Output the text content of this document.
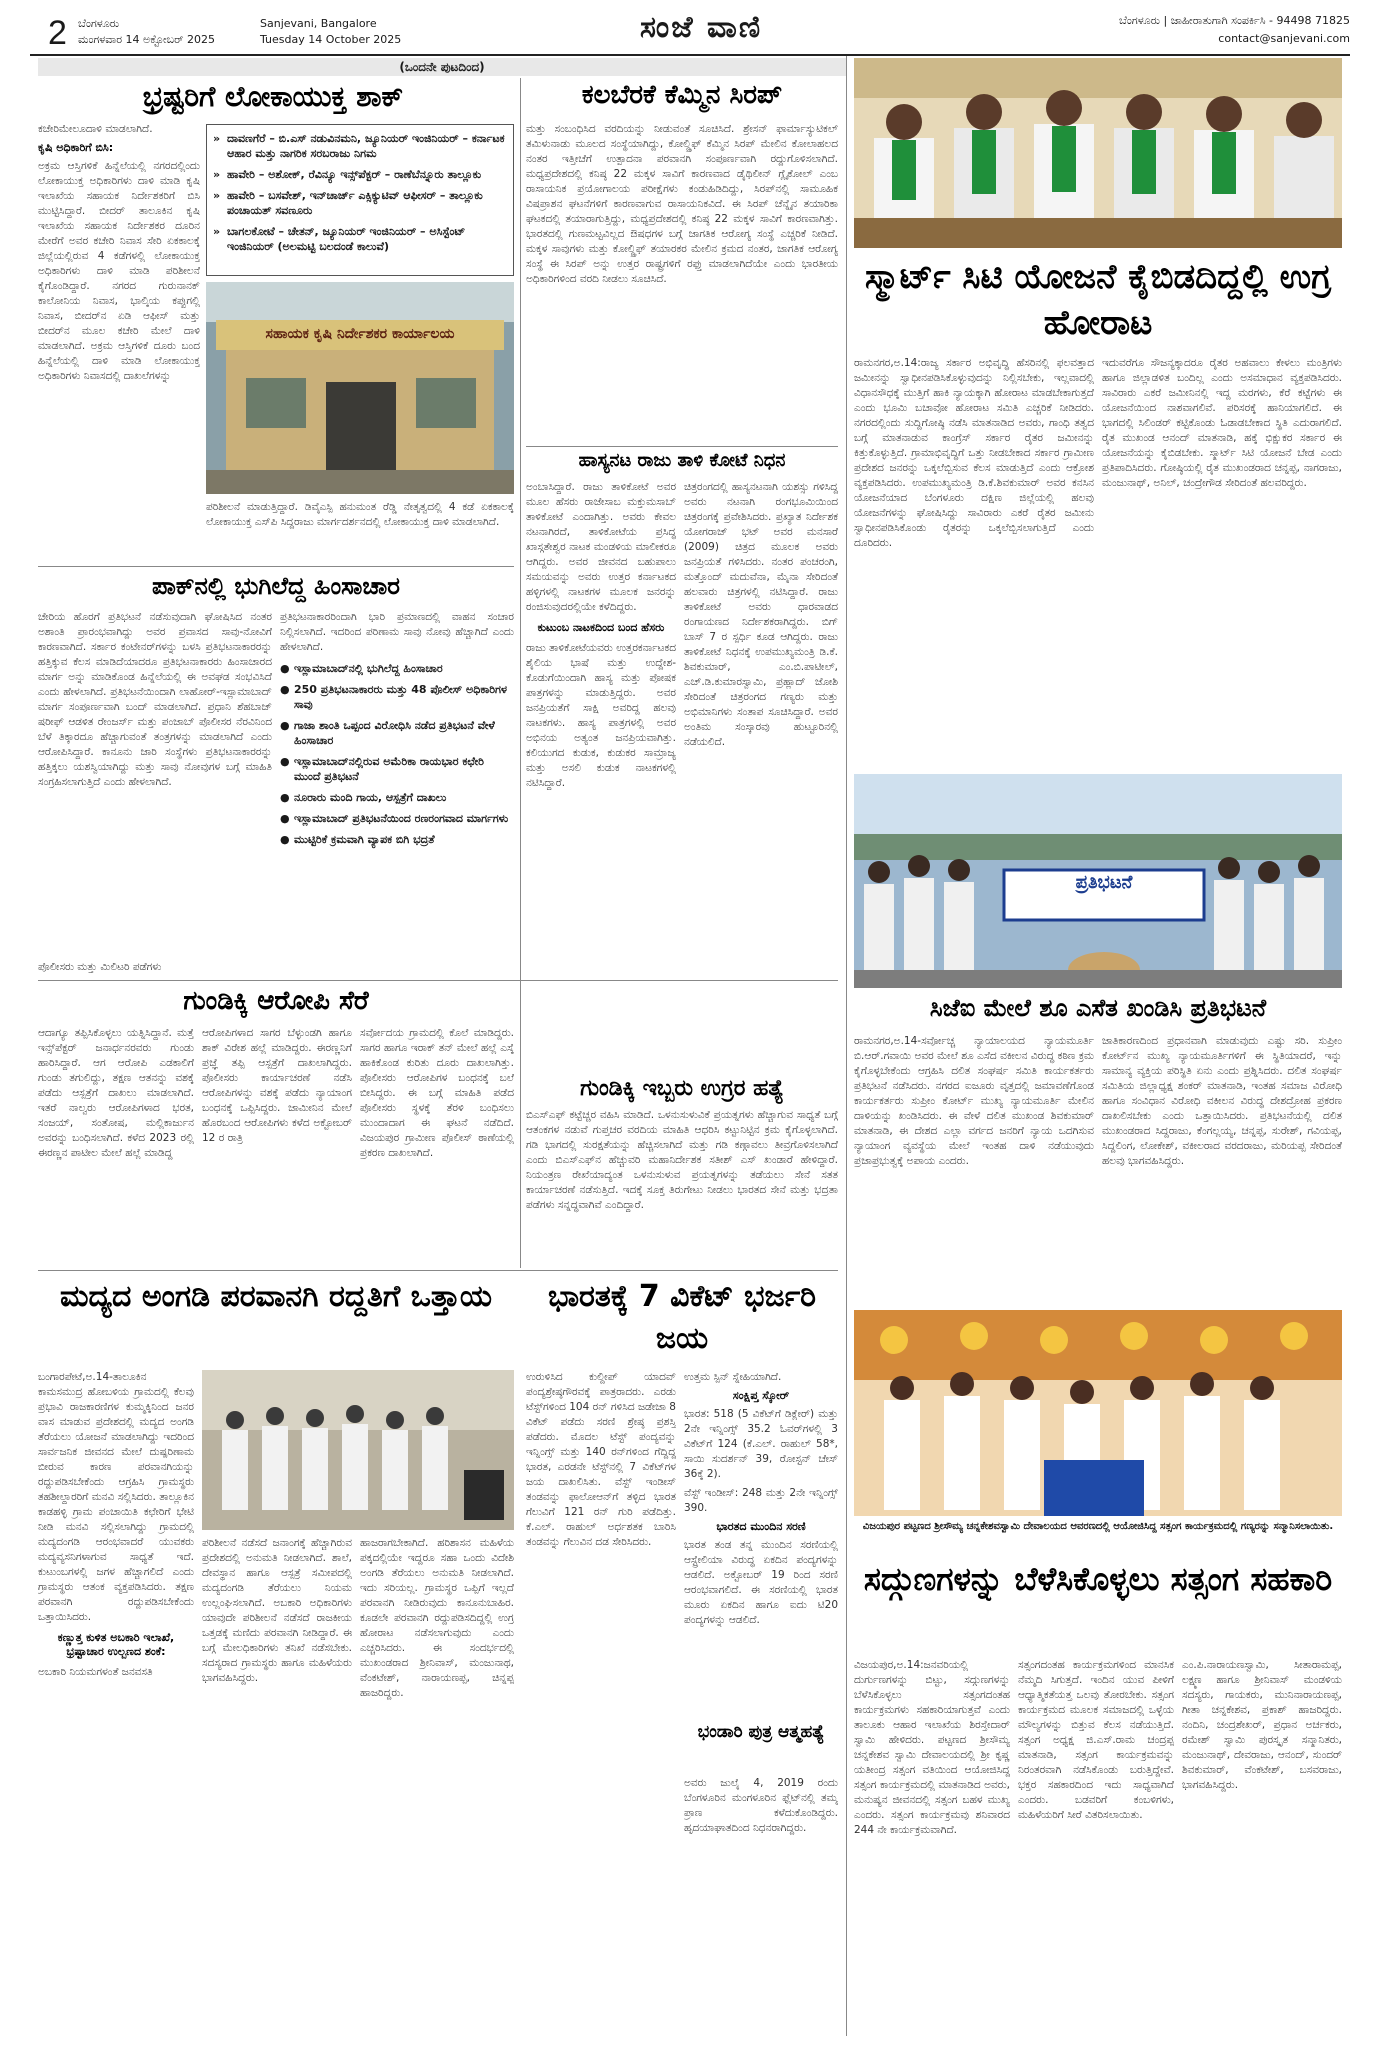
2 ಬೆಂಗಳೂರು
ಮಂಗಳವಾರ 14 ಅಕ್ಟೋಬರ್ 2025
Sanjevani, Bangalore
Tuesday 14 October 2025	ಸಂಜೆ ವಾಣಿ	ಬೆಂಗಳೂರು | ಜಾಹೀರಾತುಗಾಗಿ ಸಂಪರ್ಕಿಸಿ - 94498 71825
contact@sanjevani.com
(ಒಂದನೇ ಪುಟದಿಂದ)
ಭ್ರಷ್ಟರಿಗೆ ಲೋಕಾಯುಕ್ತ ಶಾಕ್
ಕಚೇರಿಮೇಲೂದಾಳಿ ಮಾಡಲಾಗಿದೆ.
ಕೃಷಿ ಅಧಿಕಾರಿಗೆ ಬಿಸಿ:
ಅಕ್ರಮ ಆಸ್ತಿಗಳಿಕೆ ಹಿನ್ನೆಲೆಯಲ್ಲಿ ನಗರದಲ್ಲಿಂದು ಲೋಕಾಯುಕ್ತ ಅಧಿಕಾರಿಗಳು ದಾಳಿ ಮಾಡಿ ಕೃಷಿ ಇಲಾಖೆಯ ಸಹಾಯಕ ನಿರ್ದೇಶಕರಿಗೆ ಬಿಸಿ ಮುಟ್ಟಿಸಿದ್ದಾರೆ. ಬೀದರ್ ತಾಲೂಕಿನ ಕೃಷಿ ಇಲಾಖೆಯ ಸಹಾಯಕ ನಿರ್ದೇಶಕರ ದೂರಿನ ಮೇರೆಗೆ ಅವರ ಕಚೇರಿ ನಿವಾಸ ಸೇರಿ ಏಕಕಾಲಕ್ಕೆ ಜಿಲ್ಲೆಯಲ್ಲಿರುವ 4 ಕಡೆಗಳಲ್ಲಿ ಲೋಕಾಯುಕ್ತ ಅಧಿಕಾರಿಗಳು ದಾಳಿ ಮಾಡಿ ಪರಿಶೀಲನೆ ಕೈಗೊಂಡಿದ್ದಾರೆ. ನಗರದ ಗುರುನಾನಕ್ ಕಾಲೋನಿಯ ನಿವಾಸ, ಭಾಲ್ಕಿಯ ಕಪ್ಪುಗಲ್ಲಿ ನಿವಾಸ, ಬೀದರ್‌ನ ಏಡಿ ಆಫೀಸ್ ಮತ್ತು ಬೀದರ್‌ನ ಮೂಲ ಕಚೇರಿ ಮೇಲೆ ದಾಳಿ ಮಾಡಲಾಗಿದೆ. ಅಕ್ರಮ ಆಸ್ತಿಗಳಿಕೆ ದೂರು ಬಂದ ಹಿನ್ನೆಲೆಯಲ್ಲಿ ದಾಳಿ ಮಾಡಿ ಲೋಕಾಯುಕ್ತ ಅಧಿಕಾರಿಗಳು ನಿವಾಸದಲ್ಲಿ ದಾಖಲೆಗಳನ್ನು
» ದಾವಣಗೆರೆ – ಬಿ.ಎಸ್ ನಡುವಿನಮನಿ, ಜ್ಯೂನಿಯರ್ ಇಂಜಿನಿಯರ್ – ಕರ್ನಾಟಕ ಆಹಾರ ಮತ್ತು ನಾಗರಿಕ ಸರಬರಾಜು ನಿಗಮ
» ಹಾವೇರಿ – ಅಶೋಕ್, ರೆವಿನ್ಯೂ ಇನ್ಸ್‌ಪೆಕ್ಟರ್ – ರಾಣೆಬೆನ್ನೂರು ತಾಲ್ಲೂಕು
» ಹಾವೇರಿ – ಬಸವೇಶ್, ಇನ್‌ಚಾರ್ಜ್ ಎಕ್ಸಿಕ್ಯುಟಿವ್ ಆಫೀಸರ್ – ತಾಲ್ಲೂಕು ಪಂಚಾಯತ್ ಸವಣೂರು
» ಬಾಗಲಕೋಟೆ – ಚೇತನ್, ಜ್ಯೂನಿಯರ್ ಇಂಜಿನಿಯರ್ – ಅಸಿಸ್ಟೆಂಟ್ ಇಂಜಿನಿಯರ್ (ಅಲಮಟ್ಟಿ ಬಲದಂಡೆ ಕಾಲುವೆ)
ಸಹಾಯಕ ಕೃಷಿ ನಿರ್ದೇಶಕರ ಕಾರ್ಯಾಲಯ
ಪರಿಶೀಲನೆ ಮಾಡುತ್ತಿದ್ದಾರೆ. ಡಿವೈಎಸ್ಪಿ ಹನುಮಂತ ರೆಡ್ಡಿ ನೇತೃತ್ವದಲ್ಲಿ 4 ಕಡೆ ಏಕಕಾಲಕ್ಕೆ ಲೋಕಾಯುಕ್ತ ಎಸ್‌ಪಿ ಸಿದ್ದರಾಜು ಮಾರ್ಗದರ್ಶನದಲ್ಲಿ ಲೋಕಾಯುಕ್ತ ದಾಳಿ ಮಾಡಲಾಗಿದೆ.
ಪಾಕ್‌ನಲ್ಲಿ ಭುಗಿಲೆದ್ದ ಹಿಂಸಾಚಾರ
ಚೇರಿಯ ಹೊರಗೆ ಪ್ರತಿಭಟನೆ ನಡೆಸುವುದಾಗಿ ಘೋಷಿಸಿದ ನಂತರ ಅಶಾಂತಿ ಪ್ರಾರಂಭವಾಗಿದ್ದು ಅವರ ಪ್ರವಾಸದ ಸಾವು-ನೋವಿಗೆ ಕಾರಣವಾಗಿದೆ. ಸರ್ಕಾರ ಕಂಟೇನರ್‌ಗಳನ್ನು ಬಳಸಿ ಪ್ರತಿಭಟನಾಕಾರರನ್ನು ಹತ್ತಿಕ್ಕುವ ಕೆಲಸ ಮಾಡಿದೆಯಾದರೂ ಪ್ರತಿಭಟನಾಕಾರರು ಹಿಂಸಾಚಾರದ ಮಾರ್ಗ ಅನ್ನು ಮಾಡಿಕೊಂಡ ಹಿನ್ನೆಲೆಯಲ್ಲಿ ಈ ಅವಘಡ ಸಂಭವಿಸಿದೆ ಎಂದು ಹೇಳಲಾಗಿದೆ. ಪ್ರತಿಭಟನೆಯಿಂದಾಗಿ ಲಾಹೋರ್-ಇಸ್ಲಾಮಾಬಾದ್ ಮಾರ್ಗ ಸಂಪೂರ್ಣವಾಗಿ ಬಂದ್ ಮಾಡಲಾಗಿದೆ. ಪ್ರಧಾನಿ ಶೆಹಬಾಜ್ ಷರೀಫ್ ಆಡಳಿತ ರೇಂಜರ್ಸ್ ಮತ್ತು ಪಂಜಾಬ್ ಪೊಲೀಸರ ನೆರವಿನಿಂದ ಬೆಳೆ ತಿಕ್ಕಾರದೂ ಹೆಚ್ಚಾಗುವಂತೆ ತಂತ್ರಗಳನ್ನು ಮಾಡಲಾಗಿದೆ ಎಂದು ಆರೋಪಿಸಿದ್ದಾರೆ. ಕಾನೂನು ಜಾರಿ ಸಂಸ್ಥೆಗಳು ಪ್ರತಿಭಟನಾಕಾರರನ್ನು ಹತ್ತಿಕ್ಕಲು ಯಶಸ್ವಿಯಾಗಿದ್ದು ಮತ್ತು ಸಾವು ನೋವುಗಳ ಬಗ್ಗೆ ಮಾಹಿತಿ ಸಂಗ್ರಹಿಸಲಾಗುತ್ತಿದೆ ಎಂದು ಹೇಳಲಾಗಿದೆ.
ಪ್ರತಿಭಟನಾಕಾರರಿಂದಾಗಿ ಭಾರಿ ಪ್ರಮಾಣದಲ್ಲಿ ವಾಹನ ಸಂಚಾರ ನಿಲ್ಲಿಸಲಾಗಿದೆ. ಇದರಿಂದ ಪರಿಣಾಮ ಸಾವು ನೋವು ಹೆಚ್ಚಾಗಿದೆ ಎಂದು ಹೇಳಲಾಗಿದೆ.
● ಇಸ್ಲಾಮಾಬಾದ್‌ನಲ್ಲಿ ಭುಗಿಲೆದ್ದ ಹಿಂಸಾಚಾರ
● 250 ಪ್ರತಿಭಟನಾಕಾರರು ಮತ್ತು 48 ಪೊಲೀಸ್ ಅಧಿಕಾರಿಗಳ ಸಾವು
● ಗಾಜಾ ಶಾಂತಿ ಒಪ್ಪಂದ ವಿರೋಧಿಸಿ ನಡೆದ ಪ್ರತಿಭಟನೆ ವೇಳೆ ಹಿಂಸಾಚಾರ
● ಇಸ್ಲಾಮಾಬಾದ್‌ನಲ್ಲಿರುವ ಅಮೆರಿಕಾ ರಾಯಭಾರ ಕಛೇರಿ ಮುಂದೆ ಪ್ರತಿಭಟನೆ
● ನೂರಾರು ಮಂದಿ ಗಾಯ, ಆಸ್ಪತ್ರೆಗೆ ದಾಖಲು
● ಇಸ್ಲಾಮಾಬಾದ್ ಪ್ರತಿಭಟನೆಯಿಂದ ರಣರಂಗವಾದ ಮಾರ್ಗಗಳು
● ಮುಟ್ಟಿರಿಕೆ ಕ್ರಮವಾಗಿ ವ್ಯಾಪಕ ಬಿಗಿ ಭದ್ರತೆ
ಪೊಲೀಸರು ಮತ್ತು ಮಿಲಿಟರಿ ಪಡೆಗಳು
ಗುಂಡಿಕ್ಕಿ ಆರೋಪಿ ಸೆರೆ
ಆದಾಗ್ಯೂ ತಪ್ಪಿಸಿಕೊಳ್ಳಲು ಯತ್ನಿಸಿದ್ದಾನೆ. ಮತ್ತೆ ಇನ್ಸ್‌ಪೆಕ್ಟರ್ ಜನಾರ್ಧನರವರು ಗುಂಡು ಹಾರಿಸಿದ್ದಾರೆ. ಆಗ ಆರೋಪಿ ಎಡಕಾಲಿಗೆ ಗುಂಡು ತಗುಲಿದ್ದು, ತಕ್ಷಣ ಆತನನ್ನು ವಶಕ್ಕೆ ಪಡೆದು ಆಸ್ಪತ್ರೆಗೆ ದಾಖಲು ಮಾಡಲಾಗಿದೆ. ಇತರೆ ನಾಲ್ವರು ಆರೋಪಿಗಳಾದ ಭರತ, ಸಂಜಯ್, ಸಂತೋಷ, ಮಲ್ಲಿಕಾರ್ಜುನ ಅವರನ್ನು ಬಂಧಿಸಲಾಗಿದೆ. ಕಳೆದ 2023 ರಲ್ಲಿ ಈರಣ್ಣನ ಪಾಟೀಲ ಮೇಲೆ ಹಲ್ಲೆ ಮಾಡಿದ್ದ
ಆರೋಪಿಗಳಾದ ಸಾಗರ ಬೆಳ್ಳುಂಡಗಿ ಹಾಗೂ ಶಾಕ್ ವಿರೇಶ ಹಲ್ಲೆ ಮಾಡಿದ್ದರು. ಈರಣ್ಣನಿಗೆ ಪ್ರಜ್ಞೆ ತಪ್ಪಿ ಆಸ್ಪತ್ರೆಗೆ ದಾಖಲಾಗಿದ್ದರು. ಪೊಲೀಸರು ಕಾರ್ಯಾಚರಣೆ ನಡೆಸಿ ಆರೋಪಿಗಳನ್ನು ವಶಕ್ಕೆ ಪಡೆದು ನ್ಯಾಯಾಂಗ ಬಂಧನಕ್ಕೆ ಒಪ್ಪಿಸಿದ್ದರು. ಜಾಮೀನಿನ ಮೇಲೆ ಹೊರಬಂದ ಆರೋಪಿಗಳು ಕಳೆದ ಅಕ್ಟೋಬರ್ 12 ರ ರಾತ್ರಿ
ಸರ್ವೋದಯ ಗ್ರಾಮದಲ್ಲಿ ಕೊಲೆ ಮಾಡಿದ್ದರು. ಸಾಗರ ಹಾಗೂ ಇರಾಕ್ ತನ್ ಮೇಲೆ ಹಲ್ಲೆ ಎಸ್ಕೆ ಹಾಕಿಕೊಂಡ ಕುರಿತು ದೂರು ದಾಖಲಾಗಿತ್ತು. ಪೊಲೀಸರು ಆರೋಪಿಗಳ ಬಂಧನಕ್ಕೆ ಬಲೆ ಬೀಸಿದ್ದರು. ಈ ಬಗ್ಗೆ ಮಾಹಿತಿ ಪಡೆದ ಪೊಲೀಸರು ಸ್ಥಳಕ್ಕೆ ತೆರಳಿ ಬಂಧಿಸಲು ಮುಂದಾದಾಗ ಈ ಘಟನೆ ನಡೆದಿದೆ. ವಿಜಯಪುರ ಗ್ರಾಮೀಣ ಪೊಲೀಸ್ ಠಾಣೆಯಲ್ಲಿ ಪ್ರಕರಣ ದಾಖಲಾಗಿದೆ.
ಮದ್ಯದ ಅಂಗಡಿ ಪರವಾನಗಿ ರದ್ದತಿಗೆ ಒತ್ತಾಯ
ಬಂಗಾರಪೇಟೆ,ಅ.14-ತಾಲೂಕಿನ ಕಾಮಸಮುದ್ರ ಹೋಬಳಿಯ ಗ್ರಾಮದಲ್ಲಿ ಕೆಲವು ಪ್ರಭಾವಿ ರಾಜಕಾರಣಿಗಳ ಕುಮ್ಮಕ್ಕಿನಿಂದ ಜನರ ವಾಸ ಮಾಡುವ ಪ್ರದೇಶದಲ್ಲಿ ಮದ್ಯದ ಅಂಗಡಿ ತೆರೆಯಲು ಯೋಜನೆ ಮಾಡಲಾಗಿದ್ದು ಇದರಿಂದ ಸಾರ್ವಜನಿಕ ಜೀವನದ ಮೇಲೆ ದುಷ್ಪರಿಣಾಮ ಬೀರುವ ಕಾರಣ ಪರವಾನಗಿಯನ್ನು ರದ್ದುಪಡಿಸಬೇಕೆಂದು ಆಗ್ರಹಿಸಿ ಗ್ರಾಮಸ್ಥರು ತಹಶೀಲ್ದಾರರಿಗೆ ಮನವಿ ಸಲ್ಲಿಸಿದರು. ತಾಲ್ಲೂಕಿನ ಕಾಡಹಳ್ಳಿ ಗ್ರಾಮ ಪಂಚಾಯಿತಿ ಕಛೇರಿಗೆ ಭೇಟಿ ನೀಡಿ ಮನವಿ ಸಲ್ಲಿಸಲಾಗಿದ್ದು ಗ್ರಾಮದಲ್ಲಿ ಮದ್ಯದಂಗಡಿ ಆರಂಭವಾದರೆ ಯುವಕರು ಮದ್ಯವ್ಯಸನಿಗಳಾಗುವ ಸಾಧ್ಯತೆ ಇದೆ. ಕುಟುಂಬಗಳಲ್ಲಿ ಜಗಳ ಹೆಚ್ಚಾಗಲಿದೆ ಎಂದು ಗ್ರಾಮಸ್ಥರು ಆತಂಕ ವ್ಯಕ್ತಪಡಿಸಿದರು. ತಕ್ಷಣ ಪರವಾನಗಿ ರದ್ದುಪಡಿಸಬೇಕೆಂದು ಒತ್ತಾಯಿಸಿದರು.
ಕಣ್ಣುತ್ತ ಕುಳಿತ ಅಬಕಾರಿ ಇಲಾಖೆ, ಭ್ರಷ್ಟಾಚಾರ ಉಲ್ಬಣದ ಶಂಕೆ:
ಅಬಕಾರಿ ನಿಯಮಗಳಂತೆ ಜನವಸತಿ
ಪರಿಶೀಲನೆ ನಡೆಸದೆ ಜನಾಂಗಕ್ಕೆ ಹೆಚ್ಚಾಗಿರುವ ಪ್ರದೇಶದಲ್ಲಿ ಅನುಮತಿ ನೀಡಲಾಗಿದೆ. ಶಾಲೆ, ದೇವಸ್ಥಾನ ಹಾಗೂ ಆಸ್ಪತ್ರೆ ಸಮೀಪದಲ್ಲಿ ಮದ್ಯದಂಗಡಿ ತೆರೆಯಲು ನಿಯಮ ಉಲ್ಲಂಘಿಸಲಾಗಿದೆ. ಅಬಕಾರಿ ಅಧಿಕಾರಿಗಳು ಯಾವುದೇ ಪರಿಶೀಲನೆ ನಡೆಸದೆ ರಾಜಕೀಯ ಒತ್ತಡಕ್ಕೆ ಮಣಿದು ಪರವಾನಗಿ ನೀಡಿದ್ದಾರೆ. ಈ ಬಗ್ಗೆ ಮೇಲಧಿಕಾರಿಗಳು ತನಿಖೆ ನಡೆಸಬೇಕು. ಸದಸ್ಯರಾದ ಗ್ರಾಮಸ್ಥರು ಹಾಗೂ ಮಹಿಳೆಯರು ಭಾಗವಹಿಸಿದ್ದರು.
ಹಾಜರಾಗಬೇಕಾಗಿದೆ. ಹರಿಶಾಸನ ಮಹಿಳೆಯ ಪಕ್ಕದಲ್ಲಿಯೇ ಇದ್ದರೂ ಸಹಾ ಒಂದು ವಿದೇಶಿ ಅಂಗಡಿ ತೆರೆಯಲು ಅನುಮತಿ ನೀಡಲಾಗಿದೆ. ಇದು ಸರಿಯಲ್ಲ. ಗ್ರಾಮಸ್ಥರ ಒಪ್ಪಿಗೆ ಇಲ್ಲದೆ ಪರವಾನಗಿ ನೀಡಿರುವುದು ಕಾನೂನುಬಾಹಿರ. ಕೂಡಲೇ ಪರವಾನಗಿ ರದ್ದುಪಡಿಸದಿದ್ದಲ್ಲಿ ಉಗ್ರ ಹೋರಾಟ ನಡೆಸಲಾಗುವುದು ಎಂದು ಎಚ್ಚರಿಸಿದರು. ಈ ಸಂದರ್ಭದಲ್ಲಿ ಮುಖಂಡರಾದ ಶ್ರೀನಿವಾಸ್, ಮಂಜುನಾಥ, ವೆಂಕಟೇಶ್, ನಾರಾಯಣಪ್ಪ, ಚಿನ್ನಪ್ಪ ಹಾಜರಿದ್ದರು.
ಕಲಬೆರಕೆ ಕೆಮ್ಮಿನ ಸಿರಪ್
ಮತ್ತು ಸಂಬಂಧಿಸಿದ ವರದಿಯನ್ನು ನೀಡುವಂತೆ ಸೂಚಿಸಿದೆ. ಶ್ರೇಸನ್ ಫಾರ್ಮಾಸ್ಯುಟಿಕಲ್ ತಮಿಳುನಾಡು ಮೂಲದ ಸಂಸ್ಥೆಯಾಗಿದ್ದು, ಕೋಲ್ಡ್ರಿಫ್ ಕೆಮ್ಮಿನ ಸಿರಪ್ ಮೇಲಿನ ಕೋಲಾಹಲದ ನಂತರ ಇತ್ತೀಚೆಗೆ ಉತ್ಪಾದನಾ ಪರವಾನಗಿ ಸಂಪೂರ್ಣವಾಗಿ ರದ್ದುಗೊಳಿಸಲಾಗಿದೆ. ಮಧ್ಯಪ್ರದೇಶದಲ್ಲಿ ಕನಿಷ್ಠ 22 ಮಕ್ಕಳ ಸಾವಿಗೆ ಕಾರಣವಾದ ಡೈಥಿಲೀನ್ ಗ್ಲೈಕೋಲ್ ಎಂಬ ರಾಸಾಯನಿಕ ಪ್ರಯೋಗಾಲಯ ಪರೀಕ್ಷೆಗಳು ಕಂಡುಹಿಡಿದಿದ್ದು, ಸಿರಪ್‌ನಲ್ಲಿ ಸಾಮೂಹಿಕ ವಿಷಪ್ರಾಶನ ಘಟನೆಗಳಿಗೆ ಕಾರಣವಾಗುವ ರಾಸಾಯನಿಕವಿದೆ. ಈ ಸಿರಪ್ ಚೆನ್ನೈನ ತಯಾರಿಕಾ ಘಟಕದಲ್ಲಿ ತಯಾರಾಗುತ್ತಿದ್ದು, ಮಧ್ಯಪ್ರದೇಶದಲ್ಲಿ ಕನಿಷ್ಠ 22 ಮಕ್ಕಳ ಸಾವಿಗೆ ಕಾರಣವಾಗಿತ್ತು. ಭಾರತದಲ್ಲಿ ಗುಣಮಟ್ಟವಿಲ್ಲದ ಔಷಧಗಳ ಬಗ್ಗೆ ಜಾಗತಿಕ ಆರೋಗ್ಯ ಸಂಸ್ಥೆ ಎಚ್ಚರಿಕೆ ನೀಡಿದೆ. ಮಕ್ಕಳ ಸಾವುಗಳು ಮತ್ತು ಕೋಲ್ಡ್ರಿಫ್ ತಯಾರಕರ ಮೇಲಿನ ಕ್ರಮದ ನಂತರ, ಜಾಗತಿಕ ಆರೋಗ್ಯ ಸಂಸ್ಥೆ ಈ ಸಿರಪ್ ಅನ್ನು ಉತ್ತರ ರಾಷ್ಟ್ರಗಳಿಗೆ ರಫ್ತು ಮಾಡಲಾಗಿದೆಯೇ ಎಂದು ಭಾರತೀಯ ಅಧಿಕಾರಿಗಳಿಂದ ವರದಿ ನೀಡಲು ಸೂಚಿಸಿದೆ.
ಹಾಸ್ಯನಟ ರಾಜು ತಾಳಿ ಕೋಟೆ ನಿಧನ
ಅಂಬಾಸಿದ್ದಾರೆ. ರಾಜು ತಾಳಿಕೋಟೆ ಅವರ ಮೂಲ ಹೆಸರು ರಾಜೇಸಾಬ ಮಕ್ತುಮಸಾಬ್ ತಾಳಿಕೋಟೆ ಎಂದಾಗಿತ್ತು. ಅವರು ಕೇವಲ ನಟನಾಗಿರದೆ, ತಾಳಿಕೋಟೆಯ ಪ್ರಸಿದ್ಧ ಖಾಸ್ಗತೇಶ್ವರ ನಾಟಕ ಮಂಡಳಿಯ ಮಾಲೀಕರೂ ಆಗಿದ್ದರು. ಅವರ ಜೀವನದ ಬಹುಪಾಲು ಸಮಯವನ್ನು ಅವರು ಉತ್ತರ ಕರ್ನಾಟಕದ ಹಳ್ಳಿಗಳಲ್ಲಿ ನಾಟಕಗಳ ಮೂಲಕ ಜನರನ್ನು ರಂಜಿಸುವುದರಲ್ಲಿಯೇ ಕಳೆದಿದ್ದರು.
ಕುಟುಂಬ ನಾಟಕದಿಂದ ಬಂದ ಹೆಸರು
ರಾಜು ತಾಳಿಕೋಟೆಯವರು ಉತ್ತರಕರ್ನಾಟಕದ ಶೈಲಿಯ ಭಾಷೆ ಮತ್ತು ಉದ್ದೇಶ-ಕೊಡುಗೆಯಿಂದಾಗಿ ಹಾಸ್ಯ ಮತ್ತು ಪೋಷಕ ಪಾತ್ರಗಳನ್ನು ಮಾಡುತ್ತಿದ್ದರು. ಅವರ ಜನಪ್ರಿಯತೆಗೆ ಸಾಕ್ಷಿ ಅವರಿದ್ದ ಹಲವು ನಾಟಕಗಳು. ಹಾಸ್ಯ ಪಾತ್ರಗಳಲ್ಲಿ ಅವರ ಅಭಿನಯ ಅತ್ಯಂತ ಜನಪ್ರಿಯವಾಗಿತ್ತು. ಕಲಿಯುಗದ ಕುಡುಕ, ಕುಡುಕರ ಸಾಮ್ರಾಜ್ಯ ಮತ್ತು ಅಸಲಿ ಕುಡುಕ ನಾಟಕಗಳಲ್ಲಿ ನಟಿಸಿದ್ದಾರೆ.
ಚಿತ್ರರಂಗದಲ್ಲಿ ಹಾಸ್ಯನಟನಾಗಿ ಯಶಸ್ಸು ಗಳಿಸಿದ್ದ ಅವರು ನಟನಾಗಿ ರಂಗಭೂಮಿಯಿಂದ ಚಿತ್ರರಂಗಕ್ಕೆ ಪ್ರವೇಶಿಸಿದರು. ಪ್ರಖ್ಯಾತ ನಿರ್ದೇಶಕ ಯೋಗರಾಜ್ ಭಟ್ ಅವರ ಮನಸಾರೆ (2009) ಚಿತ್ರದ ಮೂಲಕ ಅವರು ಜನಪ್ರಿಯತೆ ಗಳಿಸಿದರು. ನಂತರ ಪಂಚರಂಗಿ, ಮತ್ತೊಂದ್ ಮದುವೆನಾ, ಮೈನಾ ಸೇರಿದಂತೆ ಹಲವಾರು ಚಿತ್ರಗಳಲ್ಲಿ ನಟಿಸಿದ್ದಾರೆ. ರಾಜು ತಾಳಿಕೋಟೆ ಅವರು ಧಾರವಾಡದ ರಂಗಾಯಣದ ನಿರ್ದೇಶಕರಾಗಿದ್ದರು. ಬಿಗ್ ಬಾಸ್ 7 ರ ಸ್ಪರ್ಧಿ ಕೂಡ ಆಗಿದ್ದರು. ರಾಜು ತಾಳಿಕೋಟೆ ನಿಧನಕ್ಕೆ ಉಪಮುಖ್ಯಮಂತ್ರಿ ಡಿ.ಕೆ. ಶಿವಕುಮಾರ್, ಎಂ.ಬಿ.ಪಾಟೀಲ್, ಎಚ್.ಡಿ.ಕುಮಾರಸ್ವಾಮಿ, ಪ್ರಹ್ಲಾದ್ ಜೋಶಿ ಸೇರಿದಂತೆ ಚಿತ್ರರಂಗದ ಗಣ್ಯರು ಮತ್ತು ಅಭಿಮಾನಿಗಳು ಸಂತಾಪ ಸೂಚಿಸಿದ್ದಾರೆ. ಅವರ ಅಂತಿಮ ಸಂಸ್ಕಾರವು ಹುಟ್ಟೂರಿನಲ್ಲಿ ನಡೆಯಲಿದೆ.
ಗುಂಡಿಕ್ಕಿ ಇಬ್ಬರು ಉಗ್ರರ ಹತ್ಯೆ
ಬಿಎಸ್‌ಎಫ್ ಕಟ್ಟೆಚ್ಚರ ವಹಿಸಿ ಮಾಡಿದೆ. ಒಳನುಸುಳುವಿಕೆ ಪ್ರಯತ್ನಗಳು ಹೆಚ್ಚಾಗುವ ಸಾಧ್ಯತೆ ಬಗ್ಗೆ ಆತಂಕಗಳ ನಡುವೆ ಗುಪ್ತಚರ ವರದಿಯ ಮಾಹಿತಿ ಆಧರಿಸಿ ಕಟ್ಟುನಿಟ್ಟಿನ ಕ್ರಮ ಕೈಗೊಳ್ಳಲಾಗಿದೆ. ಗಡಿ ಭಾಗದಲ್ಲಿ ಸುರಕ್ಷತೆಯನ್ನು ಹೆಚ್ಚಿಸಲಾಗಿದೆ ಮತ್ತು ಗಡಿ ಕಣ್ಗಾವಲು ತೀವ್ರಗೊಳಿಸಲಾಗಿದೆ ಎಂದು ಬಿಎಸ್‌ಎಫ್‌ನ ಹೆಚ್ಚುವರಿ ಮಹಾನಿರ್ದೇಶಕ ಸತೀಶ್ ಎಸ್ ಖಂಡಾರೆ ಹೇಳಿದ್ದಾರೆ. ನಿಯಂತ್ರಣ ರೇಖೆಯಾದ್ಯಂತ ಒಳನುಸುಳುವ ಪ್ರಯತ್ನಗಳನ್ನು ತಡೆಯಲು ಸೇನೆ ಸತತ ಕಾರ್ಯಾಚರಣೆ ನಡೆಸುತ್ತಿದೆ. ಇದಕ್ಕೆ ಸೂಕ್ತ ತಿರುಗೇಟು ನೀಡಲು ಭಾರತದ ಸೇನೆ ಮತ್ತು ಭದ್ರತಾ ಪಡೆಗಳು ಸನ್ನದ್ಧವಾಗಿವೆ ಎಂದಿದ್ದಾರೆ.
ಭಾರತಕ್ಕೆ 7 ವಿಕೆಟ್ ಭರ್ಜರಿ ಜಯ
ಉರುಳಿಸಿದ ಕುಲ್ದೀಪ್ ಯಾದವ್ ಪಂದ್ಯಶ್ರೇಷ್ಠಗೌರವಕ್ಕೆ ಪಾತ್ರರಾದರು. ಎರಡು ಟೆಸ್ಟ್‌ಗಳಿಂದ 104 ರನ್ ಗಳಿಸಿದ ಜಡೇಜಾ 8 ವಿಕೆಟ್ ಪಡೆದು ಸರಣಿ ಶ್ರೇಷ್ಠ ಪ್ರಶಸ್ತಿ ಪಡೆದರು. ಮೊದಲ ಟೆಸ್ಟ್ ಪಂದ್ಯವನ್ನು ಇನ್ನಿಂಗ್ಸ್ ಮತ್ತು 140 ರನ್‌ಗಳಿಂದ ಗೆದ್ದಿದ್ದ ಭಾರತ, ಎರಡನೇ ಟೆಸ್ಟ್‌ನಲ್ಲಿ 7 ವಿಕೆಟ್‌ಗಳ ಜಯ ದಾಖಲಿಸಿತು. ವೆಸ್ಟ್ ಇಂಡೀಸ್ ತಂಡವನ್ನು ಫಾಲೋಆನ್‌ಗೆ ತಳ್ಳಿದ ಭಾರತ ಗೆಲುವಿಗೆ 121 ರನ್ ಗುರಿ ಪಡೆದಿತ್ತು. ಕೆ.ಎಲ್. ರಾಹುಲ್ ಅರ್ಧಶತಕ ಬಾರಿಸಿ ತಂಡವನ್ನು ಗೆಲುವಿನ ದಡ ಸೇರಿಸಿದರು.
ಉತ್ತಮ ಸ್ಪಿನ್ ಸ್ನೇಹಿಯಾಗಿದೆ.
ಸಂಕ್ಷಿಪ್ತ ಸ್ಕೋರ್
ಭಾರತ: 518 (5 ವಿಕೆಟ್‌ಗೆ ಡಿಕ್ಲೇರ್) ಮತ್ತು 2ನೇ ಇನ್ನಿಂಗ್ಸ್ 35.2 ಓವರ್‌ಗಳಲ್ಲಿ 3 ವಿಕೆಟ್‌ಗೆ 124 (ಕೆ.ಎಲ್. ರಾಹುಲ್ 58*, ಸಾಯಿ ಸುದರ್ಶನ್ 39, ರೋಸ್ಟನ್ ಚೇಸ್ 36ಕ್ಕೆ 2).
ವೆಸ್ಟ್ ಇಂಡೀಸ್: 248 ಮತ್ತು 2ನೇ ಇನ್ನಿಂಗ್ಸ್ 390.
ಭಾರತದ ಮುಂದಿನ ಸರಣಿ
ಭಾರತ ತಂಡ ತನ್ನ ಮುಂದಿನ ಸರಣಿಯಲ್ಲಿ ಆಸ್ಟ್ರೇಲಿಯಾ ವಿರುದ್ಧ ಏಕದಿನ ಪಂದ್ಯಗಳನ್ನು ಆಡಲಿದೆ. ಅಕ್ಟೋಬರ್ 19 ರಿಂದ ಸರಣಿ ಆರಂಭವಾಗಲಿದೆ. ಈ ಸರಣಿಯಲ್ಲಿ ಭಾರತ ಮೂರು ಏಕದಿನ ಹಾಗೂ ಐದು ಟಿ20 ಪಂದ್ಯಗಳನ್ನು ಆಡಲಿದೆ.
ಭಂಡಾರಿ ಪುತ್ರ ಆತ್ಮಹತ್ಯೆ
ಅವರು ಜುಲೈ 4, 2019 ರಂದು ಬೆಂಗಳೂರಿನ ಮಂಗಳೂರಿನ ಫ್ಲೆಟ್‌ನಲ್ಲಿ ತಮ್ಮ ಪ್ರಾಣ ಕಳೆದುಕೊಂಡಿದ್ದರು. ಹೃದಯಾಘಾತದಿಂದ ನಿಧನರಾಗಿದ್ದರು.
ಸ್ಮಾರ್ಟ್ ಸಿಟಿ ಯೋಜನೆ ಕೈಬಿಡದಿದ್ದಲ್ಲಿ ಉಗ್ರ ಹೋರಾಟ
ರಾಮನಗರ,ಅ.14:ರಾಜ್ಯ ಸರ್ಕಾರ ಅಭಿವೃದ್ಧಿ ಹೆಸರಿನಲ್ಲಿ ಫಲವತ್ತಾದ ಜಮೀನನ್ನು ಸ್ವಾಧೀನಪಡಿಸಿಕೊಳ್ಳುವುದನ್ನು ನಿಲ್ಲಿಸಬೇಕು, ಇಲ್ಲವಾದಲ್ಲಿ ವಿಧಾನಸೌಧಕ್ಕೆ ಮುತ್ತಿಗೆ ಹಾಕಿ ನ್ಯಾಯಕ್ಕಾಗಿ ಹೋರಾಟ ಮಾಡಬೇಕಾಗುತ್ತದೆ ಎಂದು ಭೂಮಿ ಬಚಾವೋ ಹೋರಾಟ ಸಮಿತಿ ಎಚ್ಚರಿಕೆ ನೀಡಿದರು. ನಗರದಲ್ಲಿಂದು ಸುದ್ದಿಗೋಷ್ಠಿ ನಡೆಸಿ ಮಾತನಾಡಿದ ಅವರು, ಗಾಂಧಿ ತತ್ವದ ಬಗ್ಗೆ ಮಾತನಾಡುವ ಕಾಂಗ್ರೆಸ್ ಸರ್ಕಾರ ರೈತರ ಜಮೀನನ್ನು ಕಿತ್ತುಕೊಳ್ಳುತ್ತಿದೆ. ಗ್ರಾಮಾಭಿವೃದ್ಧಿಗೆ ಒತ್ತು ನೀಡಬೇಕಾದ ಸರ್ಕಾರ ಗ್ರಾಮೀಣ ಪ್ರದೇಶದ ಜನರನ್ನು ಒಕ್ಕಲೆಬ್ಬಿಸುವ ಕೆಲಸ ಮಾಡುತ್ತಿದೆ ಎಂದು ಆಕ್ರೋಶ ವ್ಯಕ್ತಪಡಿಸಿದರು. ಉಪಮುಖ್ಯಮಂತ್ರಿ ಡಿ.ಕೆ.ಶಿವಕುಮಾರ್ ಅವರ ಕನಸಿನ ಯೋಜನೆಯಾದ ಬೆಂಗಳೂರು ದಕ್ಷಿಣ ಜಿಲ್ಲೆಯಲ್ಲಿ ಹಲವು ಯೋಜನೆಗಳನ್ನು ಘೋಷಿಸಿದ್ದು ಸಾವಿರಾರು ಎಕರೆ ರೈತರ ಜಮೀನು ಸ್ವಾಧೀನಪಡಿಸಿಕೊಂಡು ರೈತರನ್ನು ಒಕ್ಕಲೆಬ್ಬಿಸಲಾಗುತ್ತಿದೆ ಎಂದು ದೂರಿದರು.
ಇದುವರೆಗೂ ಸೌಜನ್ಯಕ್ಕಾದರೂ ರೈತರ ಅಹವಾಲು ಕೇಳಲು ಮಂತ್ರಿಗಳು ಹಾಗೂ ಜಿಲ್ಲಾಡಳಿತ ಬಂದಿಲ್ಲ ಎಂದು ಅಸಮಾಧಾನ ವ್ಯಕ್ತಪಡಿಸಿದರು. ಸಾವಿರಾರು ಎಕರೆ ಜಮೀನಿನಲ್ಲಿ ಇದ್ದ ಮರಗಳು, ಕೆರೆ ಕಟ್ಟೆಗಳು ಈ ಯೋಜನೆಯಿಂದ ನಾಶವಾಗಲಿವೆ. ಪರಿಸರಕ್ಕೆ ಹಾನಿಯಾಗಲಿದೆ. ಈ ಭಾಗದಲ್ಲಿ ಸಿಲಿಂಡರ್ ಕಟ್ಟಿಕೊಂಡು ಓಡಾಡಬೇಕಾದ ಸ್ಥಿತಿ ಎದುರಾಗಲಿದೆ. ರೈತ ಮುಖಂಡ ಆನಂದ್ ಮಾತನಾಡಿ, ಹಕ್ಕೆ ಭಿಕ್ಷುಕರ ಸರ್ಕಾರ ಈ ಯೋಜನೆಯನ್ನು ಕೈಬಿಡಬೇಕು. ಸ್ಮಾರ್ಟ್ ಸಿಟಿ ಯೋಜನೆ ಬೇಡ ಎಂದು ಪ್ರತಿಪಾದಿಸಿದರು. ಗೋಷ್ಠಿಯಲ್ಲಿ ರೈತ ಮುಖಂಡರಾದ ಚನ್ನಪ್ಪ, ನಾಗರಾಜು, ಮಂಜುನಾಥ್, ಅನಿಲ್, ಚಂದ್ರೇಗೌಡ ಸೇರಿದಂತೆ ಹಲವರಿದ್ದರು.
ಪ್ರತಿಭಟನೆ
ಸಿಜೆಐ ಮೇಲೆ ಶೂ ಎಸೆತ ಖಂಡಿಸಿ ಪ್ರತಿಭಟನೆ
ರಾಮನಗರ,ಅ.14-ಸರ್ವೋಚ್ಚ ನ್ಯಾಯಾಲಯದ ನ್ಯಾಯಮೂರ್ತಿ ಬಿ.ಆರ್.ಗವಾಯಿ ಅವರ ಮೇಲೆ ಶೂ ಎಸೆದ ವಕೀಲನ ವಿರುದ್ಧ ಕಠಿಣ ಕ್ರಮ ಕೈಗೊಳ್ಳಬೇಕೆಂದು ಆಗ್ರಹಿಸಿ ದಲಿತ ಸಂಘರ್ಷ ಸಮಿತಿ ಕಾರ್ಯಕರ್ತರು ಪ್ರತಿಭಟನೆ ನಡೆಸಿದರು. ನಗರದ ಐಜೂರು ವೃತ್ತದಲ್ಲಿ ಜಮಾವಣೆಗೊಂಡ ಕಾರ್ಯಕರ್ತರು ಸುಪ್ರೀಂ ಕೋರ್ಟ್ ಮುಖ್ಯ ನ್ಯಾಯಮೂರ್ತಿ ಮೇಲಿನ ದಾಳಿಯನ್ನು ಖಂಡಿಸಿದರು. ಈ ವೇಳೆ ದಲಿತ ಮುಖಂಡ ಶಿವಕುಮಾರ್ ಮಾತನಾಡಿ, ಈ ದೇಶದ ಎಲ್ಲಾ ವರ್ಗದ ಜನರಿಗೆ ನ್ಯಾಯ ಒದಗಿಸುವ ನ್ಯಾಯಾಂಗ ವ್ಯವಸ್ಥೆಯ ಮೇಲೆ ಇಂತಹ ದಾಳಿ ನಡೆಯುವುದು ಪ್ರಜಾಪ್ರಭುತ್ವಕ್ಕೆ ಅಪಾಯ ಎಂದರು.
ಜಾತಿಕಾರಣದಿಂದ ಪ್ರಧಾನವಾಗಿ ಮಾಡುವುದು ಎಷ್ಟು ಸರಿ. ಸುಪ್ರೀಂ ಕೋರ್ಟ್‌ನ ಮುಖ್ಯ ನ್ಯಾಯಮೂರ್ತಿಗಳಿಗೆ ಈ ಸ್ಥಿತಿಯಾದರೆ, ಇನ್ನು ಸಾಮಾನ್ಯ ವ್ಯಕ್ತಿಯ ಪರಿಸ್ಥಿತಿ ಏನು ಎಂದು ಪ್ರಶ್ನಿಸಿದರು. ದಲಿತ ಸಂಘರ್ಷ ಸಮಿತಿಯ ಜಿಲ್ಲಾಧ್ಯಕ್ಷ ಶಂಕರ್ ಮಾತನಾಡಿ, ಇಂತಹ ಸಮಾಜ ವಿರೋಧಿ ಹಾಗೂ ಸಂವಿಧಾನ ವಿರೋಧಿ ವಕೀಲನ ವಿರುದ್ಧ ದೇಶದ್ರೋಹ ಪ್ರಕರಣ ದಾಖಲಿಸಬೇಕು ಎಂದು ಒತ್ತಾಯಿಸಿದರು. ಪ್ರತಿಭಟನೆಯಲ್ಲಿ ದಲಿತ ಮುಖಂಡರಾದ ಸಿದ್ದರಾಜು, ಕೆಂಗಲ್ಲಯ್ಯ, ಚನ್ನಪ್ಪ, ಸುರೇಶ್, ಗವಿಯಪ್ಪ, ಸಿದ್ದಲಿಂಗ, ಲೋಕೇಶ್, ವಕೀಲರಾದ ವರದರಾಜು, ಮರಿಯಪ್ಪ ಸೇರಿದಂತೆ ಹಲವು ಭಾಗವಹಿಸಿದ್ದರು.
ವಿಜಯಪುರ ಪಟ್ಟಣದ ಶ್ರೀಸೌಮ್ಯ ಚನ್ನಕೇಶವಸ್ವಾಮಿ ದೇವಾಲಯದ ಆವರಣದಲ್ಲಿ ಆಯೋಜಿಸಿದ್ದ ಸತ್ಸಂಗ ಕಾರ್ಯಕ್ರಮದಲ್ಲಿ ಗಣ್ಯರನ್ನು ಸನ್ಮಾನಿಸಲಾಯಿತು.
ಸದ್ಗುಣಗಳನ್ನು ಬೆಳೆಸಿಕೊಳ್ಳಲು ಸತ್ಸಂಗ ಸಹಕಾರಿ
ವಿಜಯಪುರ,ಅ.14:ಜನವರಿಯಲ್ಲಿ ದುರ್ಗುಣಗಳನ್ನು ಬಿಟ್ಟು, ಸದ್ಗುಣಗಳನ್ನು ಬೆಳೆಸಿಕೊಳ್ಳಲು ಸತ್ಸಂಗದಂತಹ ಕಾರ್ಯಕ್ರಮಗಳು ಸಹಕಾರಿಯಾಗುತ್ತವೆ ಎಂದು ತಾಲೂಕು ಆಹಾರ ಇಲಾಖೆಯ ಶಿರಸ್ತೇದಾರ್ ಸ್ವಾಮಿ ಹೇಳಿದರು. ಪಟ್ಟಣದ ಶ್ರೀಸೌಮ್ಯ ಚನ್ನಕೇಶವ ಸ್ವಾಮಿ ದೇವಾಲಯದಲ್ಲಿ ಶ್ರೀ ಕೃಷ್ಣ ಯತೀಂದ್ರ ಸತ್ಸಂಗ ವತಿಯಿಂದ ಆಯೋಜಿಸಿದ್ದ ಸತ್ಸಂಗ ಕಾರ್ಯಕ್ರಮದಲ್ಲಿ ಮಾತನಾಡಿದ ಅವರು, ಮನುಷ್ಯನ ಜೀವನದಲ್ಲಿ ಸತ್ಸಂಗ ಬಹಳ ಮುಖ್ಯ ಎಂದರು. ಸತ್ಸಂಗ ಕಾರ್ಯಕ್ರಮವು ಶನಿವಾರದ 244 ನೇ ಕಾರ್ಯಕ್ರಮವಾಗಿದೆ.
ಸತ್ಸಂಗದಂತಹ ಕಾರ್ಯಕ್ರಮಗಳಿಂದ ಮಾನಸಿಕ ನೆಮ್ಮದಿ ಸಿಗುತ್ತದೆ. ಇಂದಿನ ಯುವ ಪೀಳಿಗೆ ಆಧ್ಯಾತ್ಮಿಕತೆಯತ್ತ ಒಲವು ತೋರಬೇಕು. ಸತ್ಸಂಗ ಕಾರ್ಯಕ್ರಮದ ಮೂಲಕ ಸಮಾಜದಲ್ಲಿ ಒಳ್ಳೆಯ ಮೌಲ್ಯಗಳನ್ನು ಬಿತ್ತುವ ಕೆಲಸ ನಡೆಯುತ್ತಿದೆ. ಸತ್ಸಂಗ ಅಧ್ಯಕ್ಷ ಜಿ.ಎಸ್.ರಾಮ ಚಂದ್ರಪ್ಪ ಮಾತನಾಡಿ, ಸತ್ಸಂಗ ಕಾರ್ಯಕ್ರಮವನ್ನು ನಿರಂತರವಾಗಿ ನಡೆಸಿಕೊಂಡು ಬರುತ್ತಿದ್ದೇವೆ. ಭಕ್ತರ ಸಹಕಾರದಿಂದ ಇದು ಸಾಧ್ಯವಾಗಿದೆ ಎಂದರು. ಬಡವರಿಗೆ ಕಂಬಳಿಗಳು, ಮಹಿಳೆಯರಿಗೆ ಸೀರೆ ವಿತರಿಸಲಾಯಿತು.
ಎಂ.ಪಿ.ನಾರಾಯಣಸ್ವಾಮಿ, ಸೀತಾರಾಮಪ್ಪ, ಲಕ್ಷ್ಮಣ ಹಾಗೂ ಶ್ರೀನಿವಾಸ್ ಮಂಡಳಿಯ ಸದಸ್ಯರು, ಗಾಯಕರು, ಮುನಿನಾರಾಯಣಪ್ಪ, ಗೀತಾ ಚನ್ನಕೇಶವ, ಪ್ರಕಾಶ್ ಹಾಜರಿದ್ದರು. ನಂದಿನಿ, ಚಂದ್ರಶೇಖರ್, ಪ್ರಧಾನ ಅರ್ಚಕರು, ರಮೇಶ್ ಸ್ವಾಮಿ ಪುರಸ್ಕೃತ ಸನ್ಮಾನಿತರು, ಮಂಜುನಾಥ್, ದೇವರಾಜು, ಆನಂದ್, ಸುಂದರ್ ಶಿವಕುಮಾರ್, ವೆಂಕಟೇಶ್, ಬಸವರಾಜು, ಭಾಗವಹಿಸಿದ್ದರು.
